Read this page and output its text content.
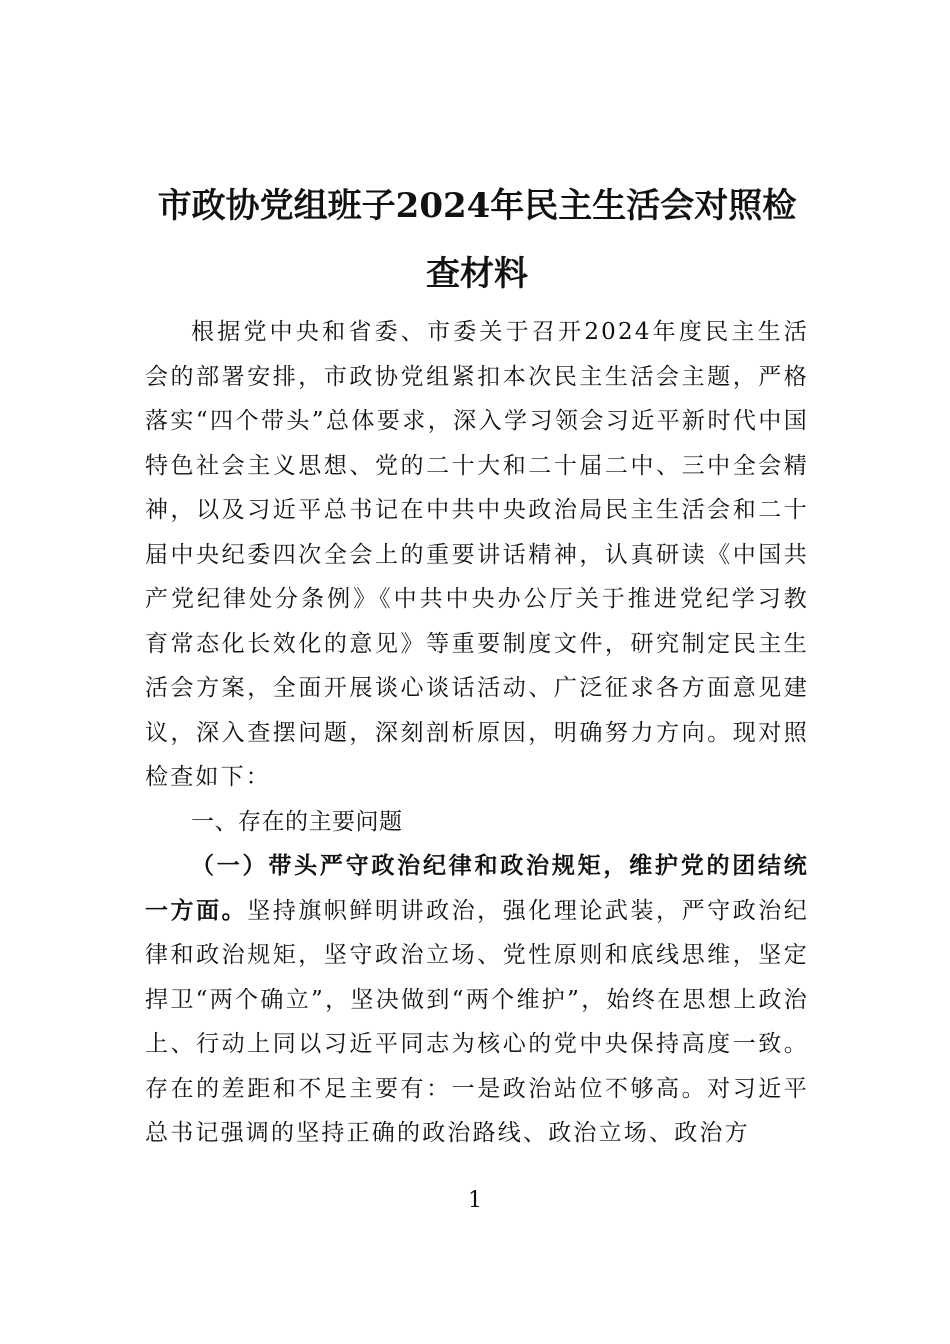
市政协党组班子2024年民主生活会对照检
查材料

根据党中央和省委、市委关于召开2024年度民主生活会的部署安排，市政协党组紧扣本次民主生活会主题，严格落实“四个带头”总体要求，深入学习领会习近平新时代中国特色社会主义思想、党的二十大和二十届二中、三中全会精神，以及习近平总书记在中共中央政治局民主生活会和二十届中央纪委四次全会上的重要讲话精神，认真研读《中国共产党纪律处分条例》《中共中央办公厅关于推进党纪学习教育常态化长效化的意见》等重要制度文件，研究制定民主生活会方案，全面开展谈心谈话活动、广泛征求各方面意见建议，深入查摆问题，深刻剖析原因，明确努力方向。现对照检查如下：

一、存在的主要问题

（一）带头严守政治纪律和政治规矩，维护党的团结统一方面。坚持旗帜鲜明讲政治，强化理论武装，严守政治纪律和政治规矩，坚守政治立场、党性原则和底线思维，坚定捍卫“两个确立”，坚决做到“两个维护”，始终在思想上政治上、行动上同以习近平同志为核心的党中央保持高度一致。存在的差距和不足主要有：一是政治站位不够高。对习近平总书记强调的坚持正确的政治路线、政治立场、政治方

1
